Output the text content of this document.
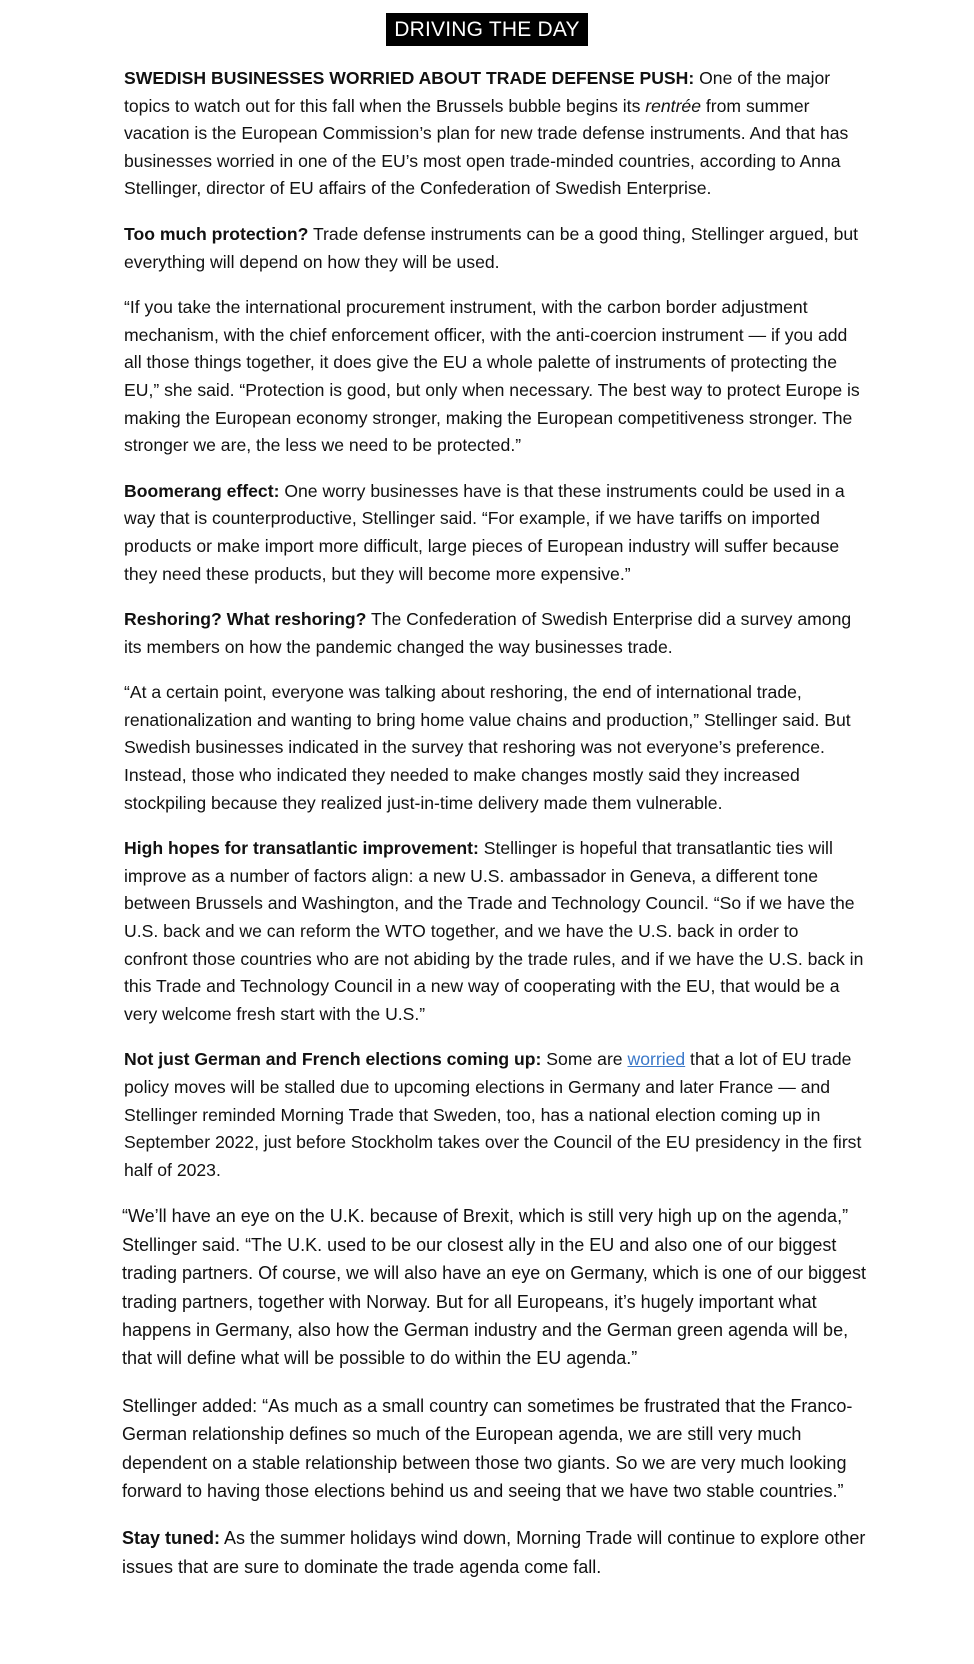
DRIVING THE DAY

SWEDISH BUSINESSES WORRIED ABOUT TRADE DEFENSE PUSH: One of the major topics to watch out for this fall when the Brussels bubble begins its rentrée from summer vacation is the European Commission’s plan for new trade defense instruments. And that has businesses worried in one of the EU’s most open trade-minded countries, according to Anna Stellinger, director of EU affairs of the Confederation of Swedish Enterprise.

Too much protection? Trade defense instruments can be a good thing, Stellinger argued, but everything will depend on how they will be used.

“If you take the international procurement instrument, with the carbon border adjustment mechanism, with the chief enforcement officer, with the anti-coercion instrument — if you add all those things together, it does give the EU a whole palette of instruments of protecting the EU,” she said. “Protection is good, but only when necessary. The best way to protect Europe is making the European economy stronger, making the European competitiveness stronger. The stronger we are, the less we need to be protected.”

Boomerang effect: One worry businesses have is that these instruments could be used in a way that is counterproductive, Stellinger said. “For example, if we have tariffs on imported products or make import more difficult, large pieces of European industry will suffer because they need these products, but they will become more expensive.”

Reshoring? What reshoring? The Confederation of Swedish Enterprise did a survey among its members on how the pandemic changed the way businesses trade.

“At a certain point, everyone was talking about reshoring, the end of international trade, renationalization and wanting to bring home value chains and production,” Stellinger said. But Swedish businesses indicated in the survey that reshoring was not everyone’s preference. Instead, those who indicated they needed to make changes mostly said they increased stockpiling because they realized just-in-time delivery made them vulnerable.

High hopes for transatlantic improvement: Stellinger is hopeful that transatlantic ties will improve as a number of factors align: a new U.S. ambassador in Geneva, a different tone between Brussels and Washington, and the Trade and Technology Council. “So if we have the U.S. back and we can reform the WTO together, and we have the U.S. back in order to confront those countries who are not abiding by the trade rules, and if we have the U.S. back in this Trade and Technology Council in a new way of cooperating with the EU, that would be a very welcome fresh start with the U.S.”

Not just German and French elections coming up: Some are worried that a lot of EU trade policy moves will be stalled due to upcoming elections in Germany and later France — and Stellinger reminded Morning Trade that Sweden, too, has a national election coming up in September 2022, just before Stockholm takes over the Council of the EU presidency in the first half of 2023.

“We’ll have an eye on the U.K. because of Brexit, which is still very high up on the agenda,” Stellinger said. “The U.K. used to be our closest ally in the EU and also one of our biggest trading partners. Of course, we will also have an eye on Germany, which is one of our biggest trading partners, together with Norway. But for all Europeans, it’s hugely important what happens in Germany, also how the German industry and the German green agenda will be, that will define what will be possible to do within the EU agenda.”

Stellinger added: “As much as a small country can sometimes be frustrated that the Franco-German relationship defines so much of the European agenda, we are still very much dependent on a stable relationship between those two giants. So we are very much looking forward to having those elections behind us and seeing that we have two stable countries.”

Stay tuned: As the summer holidays wind down, Morning Trade will continue to explore other issues that are sure to dominate the trade agenda come fall.
